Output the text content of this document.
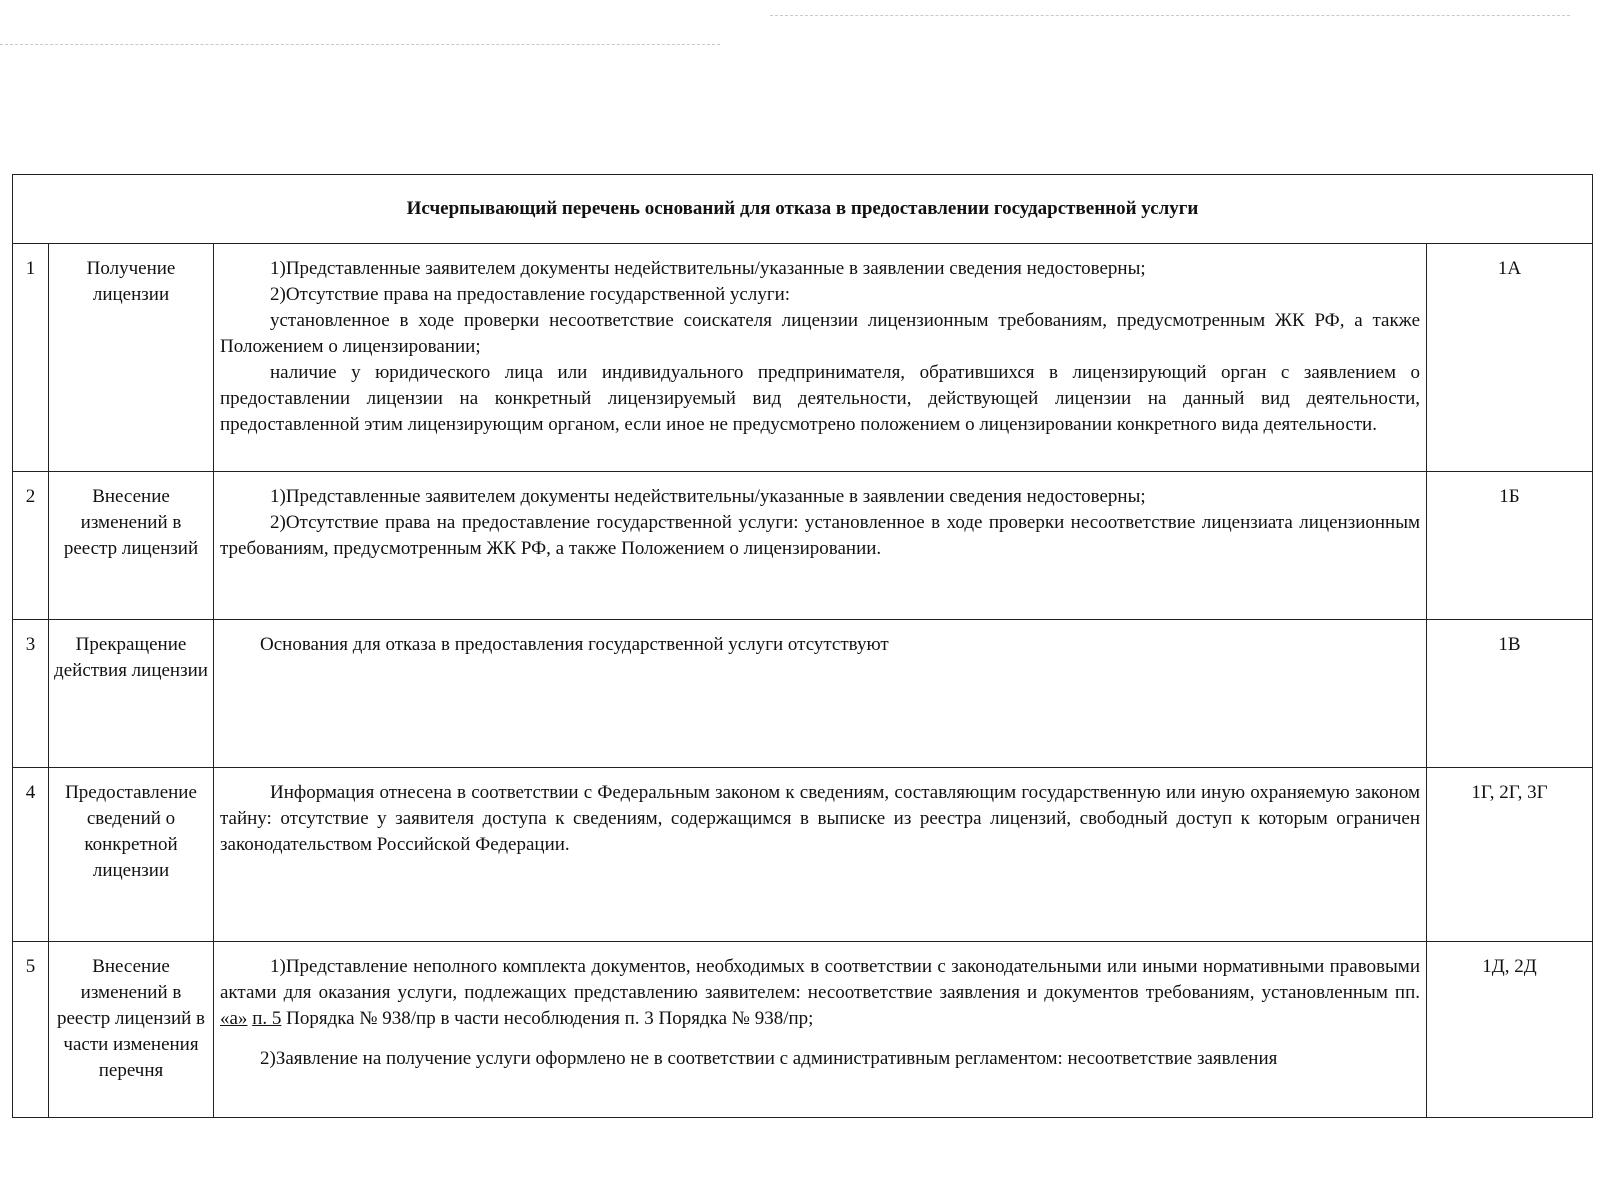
Исчерпывающий перечень оснований для отказа в предоставлении государственной услуги			
1	Получение лицензии	1)Представленные заявителем документы недействительны/указанные в заявлении сведения недостоверны;

2)Отсутствие права на предоставление государственной услуги:

установленное в ходе проверки несоответствие соискателя лицензии лицензионным требованиям, предусмотренным ЖК РФ, а также Положением о лицензировании;

наличие у юридического лица или индивидуального предпринимателя, обратившихся в лицензирующий орган с заявлением о предоставлении лицензии на конкретный лицензируемый вид деятельности, действующей лицензии на данный вид деятельности, предоставленной этим лицензирующим органом, если иное не предусмотрено положением о лицензировании конкретного вида деятельности.	1А
2	Внесение изменений в реестр лицензий	1)Представленные заявителем документы недействительны/указанные в заявлении сведения недостоверны;

2)Отсутствие права на предоставление государственной услуги: установленное в ходе проверки несоответствие лицензиата лицензионным требованиям, предусмотренным ЖК РФ, а также Положением о лицензировании.	1Б
3	Прекращение действия лицензии	Основания для отказа в предоставления государственной услуги отсутствуют	1В
4	Предоставление сведений о конкретной лицензии	Информация отнесена в соответствии с Федеральным законом к сведениям, составляющим государственную или иную охраняемую законом тайну: отсутствие у заявителя доступа к сведениям, содержащимся в выписке из реестра лицензий, свободный доступ к которым ограничен законодательством Российской Федерации.	1Г, 2Г, 3Г
5	Внесение изменений в реестр лицензий в части изменения перечня	1)Представление неполного комплекта документов, необходимых в соответствии с законодательными или иными нормативными правовыми актами для оказания услуги, подлежащих представлению заявителем: несоответствие заявления и документов требованиям, установленным пп. «а» п. 5 Порядка № 938/пр в части несоблюдения п. 3 Порядка № 938/пр;

2)Заявление на получение услуги оформлено не в соответствии с административным регламентом: несоответствие заявления	1Д, 2Д
